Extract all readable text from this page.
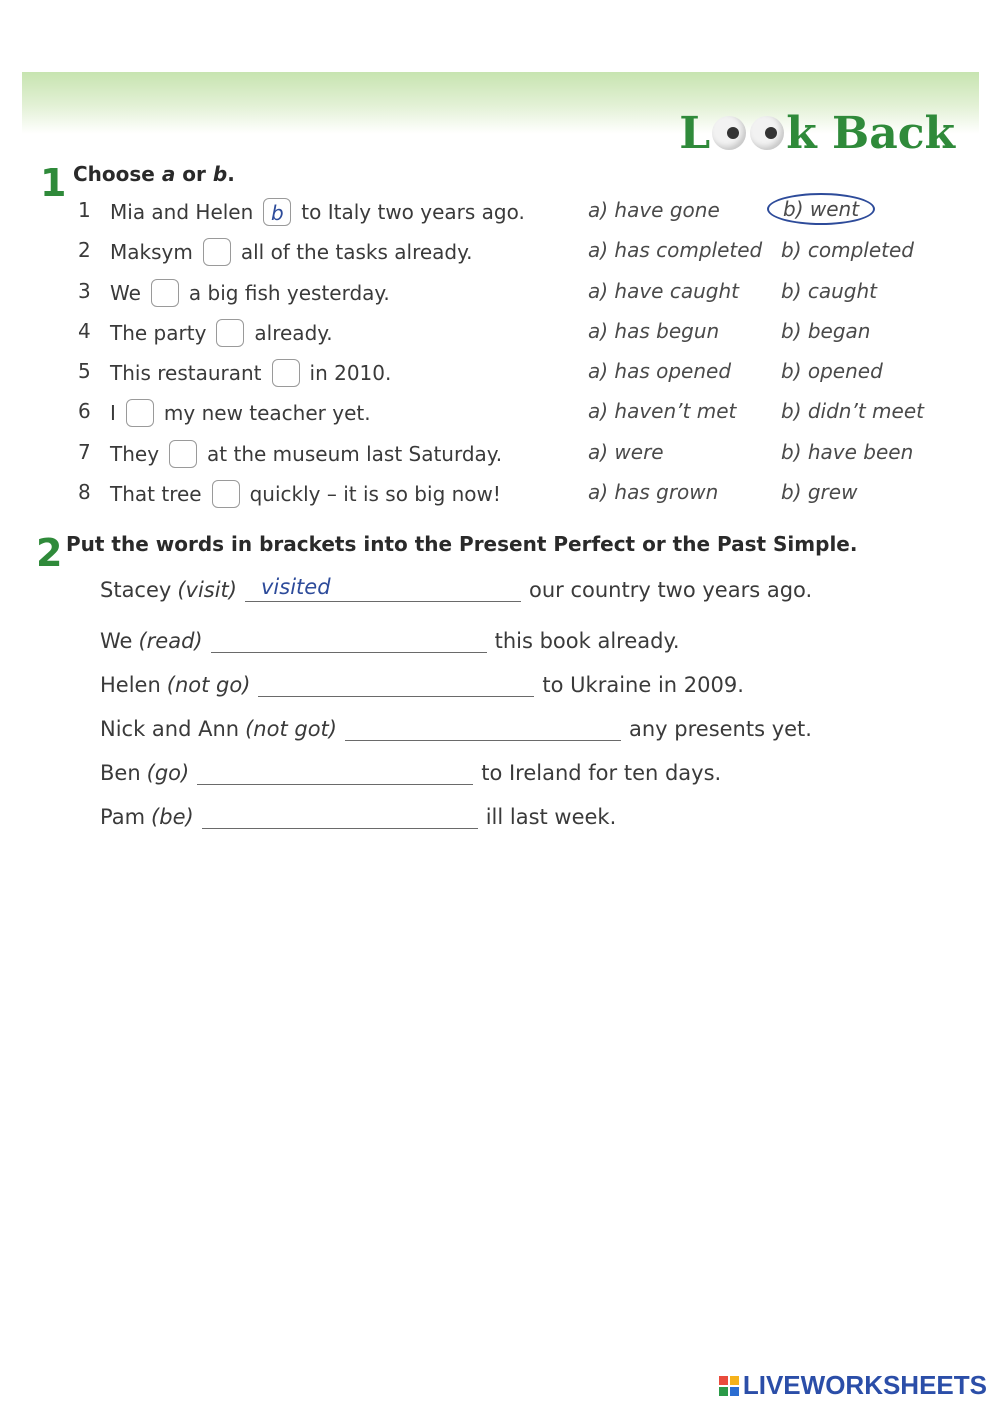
L k Back
1 Choose a or b.
1 Mia and Helen b to Italy two years ago.	a) have gone	b) went
2 Maksym all of the tasks already.	a) has completed b) completed
3 We a big fish yesterday.	a) have caught b) caught
4 The party already.	a) has begun	b) began
5 This restaurant in 2010.	a) has opened b) opened
6 I my new teacher yet.	a) haven’t met b) didn’t meet
7 They at the museum last Saturday.	a) were	b) have been
8 That tree quickly – it is so big now!	a) has grown	b) grew
2 Put the words in brackets into the Present Perfect or the Past Simple.
Stacey (visit) visited	our country two years ago.
We (read)	this book already.
Helen (not go)	to Ukraine in 2009.
Nick and Ann (not got)	any presents yet.
Ben (go)	to Ireland for ten days.
Pam (be)	ill last week.
LIVEWORKSHEETS
